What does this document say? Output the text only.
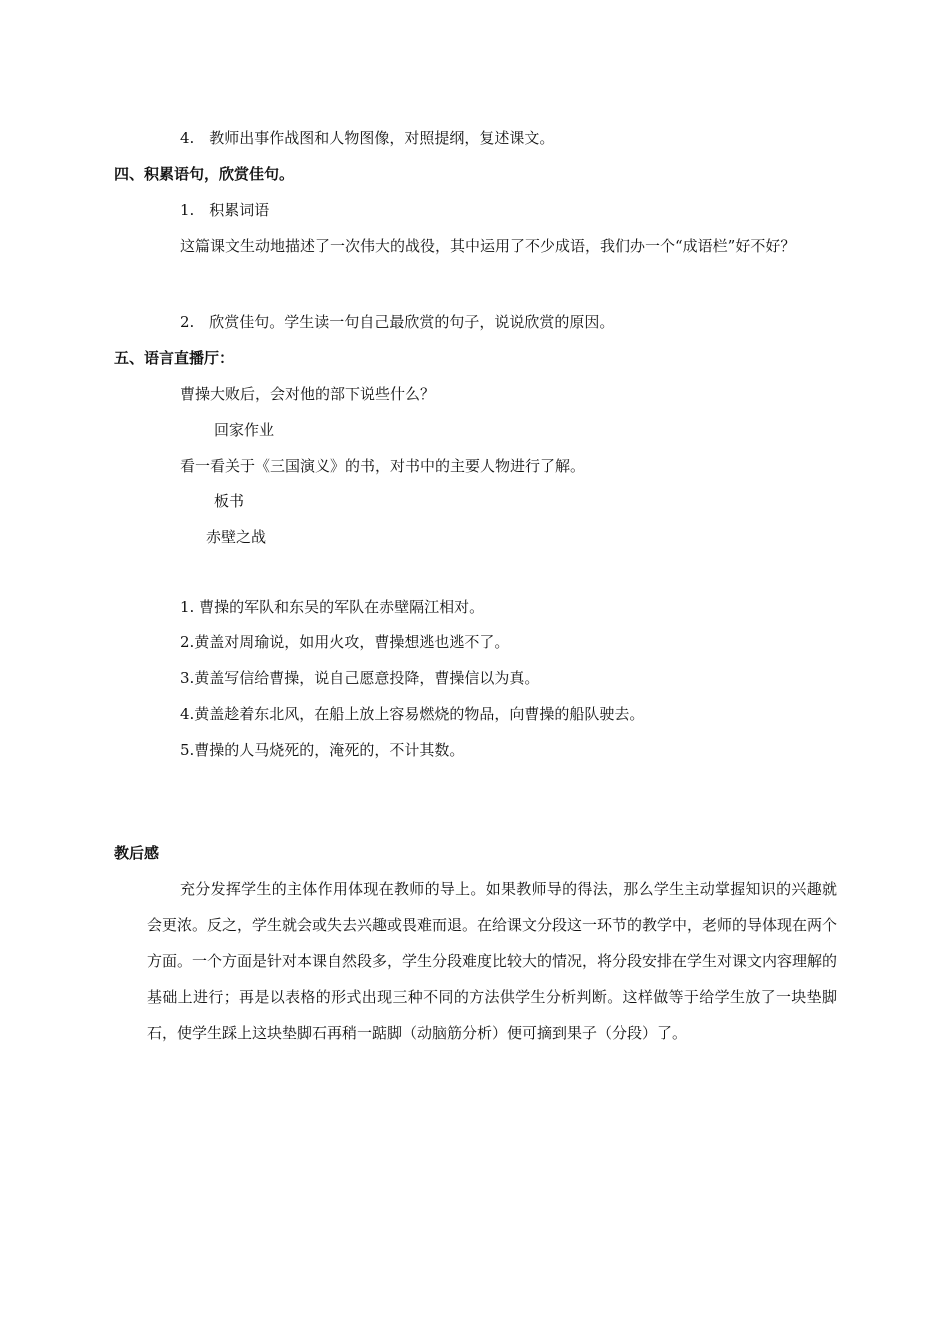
4.　教师出事作战图和人物图像，对照提纲，复述课文。
四、积累语句，欣赏佳句。
1.　积累词语
这篇课文生动地描述了一次伟大的战役，其中运用了不少成语，我们办一个“成语栏”好不好？
2.　欣赏佳句。学生读一句自己最欣赏的句子，说说欣赏的原因。
五、语言直播厅：
曹操大败后，会对他的部下说些什么？
回家作业
看一看关于《三国演义》的书，对书中的主要人物进行了解。
板书
赤壁之战
1. 曹操的军队和东吴的军队在赤壁隔江相对。
2.黄盖对周瑜说，如用火攻，曹操想逃也逃不了。
3.黄盖写信给曹操，说自己愿意投降，曹操信以为真。
4.黄盖趁着东北风，在船上放上容易燃烧的物品，向曹操的船队驶去。
5.曹操的人马烧死的，淹死的，不计其数。
教后感
充分发挥学生的主体作用体现在教师的导上。如果教师导的得法，那么学生主动掌握知识的兴趣就会更浓。反之，学生就会或失去兴趣或畏难而退。在给课文分段这一环节的教学中，老师的导体现在两个方面。一个方面是针对本课自然段多，学生分段难度比较大的情况，将分段安排在学生对课文内容理解的基础上进行；再是以表格的形式出现三种不同的方法供学生分析判断。这样做等于给学生放了一块垫脚石，使学生踩上这块垫脚石再稍一踮脚（动脑筋分析）便可摘到果子（分段）了。
